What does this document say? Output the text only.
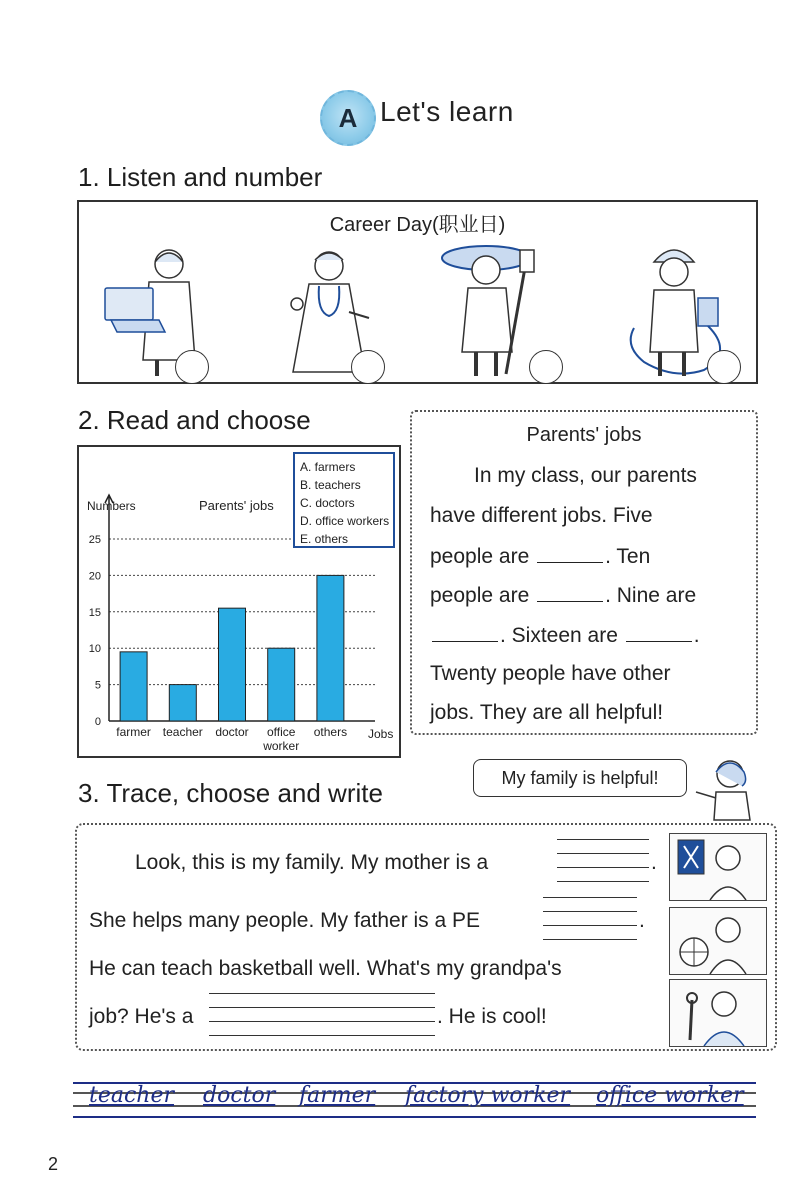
A Let's learn
1. Listen and number
Career Day(职业日)
2. Read and choose
0
5
10
15
20
25
Numbers	Parents' jobs
Jobs
farmer teacher doctor	office worker
others
A. farmers
B. teachers
C. doctors
D. office workers
E. others
Parents' jobs
In my class, our parents
have different jobs. Five
people are	. Ten
people are	. Nine are
. Sixteen are	.
Twenty people have other
jobs. They are all helpful!
3. Trace, choose and write
My family is helpful!
Look, this is my family. My mother is a	.
She helps many people. My father is a PE	.
He can teach basketball well. What's my grandpa's
job? He's a	. He is cool!
teacher doctor farmer factory worker office worker
2
